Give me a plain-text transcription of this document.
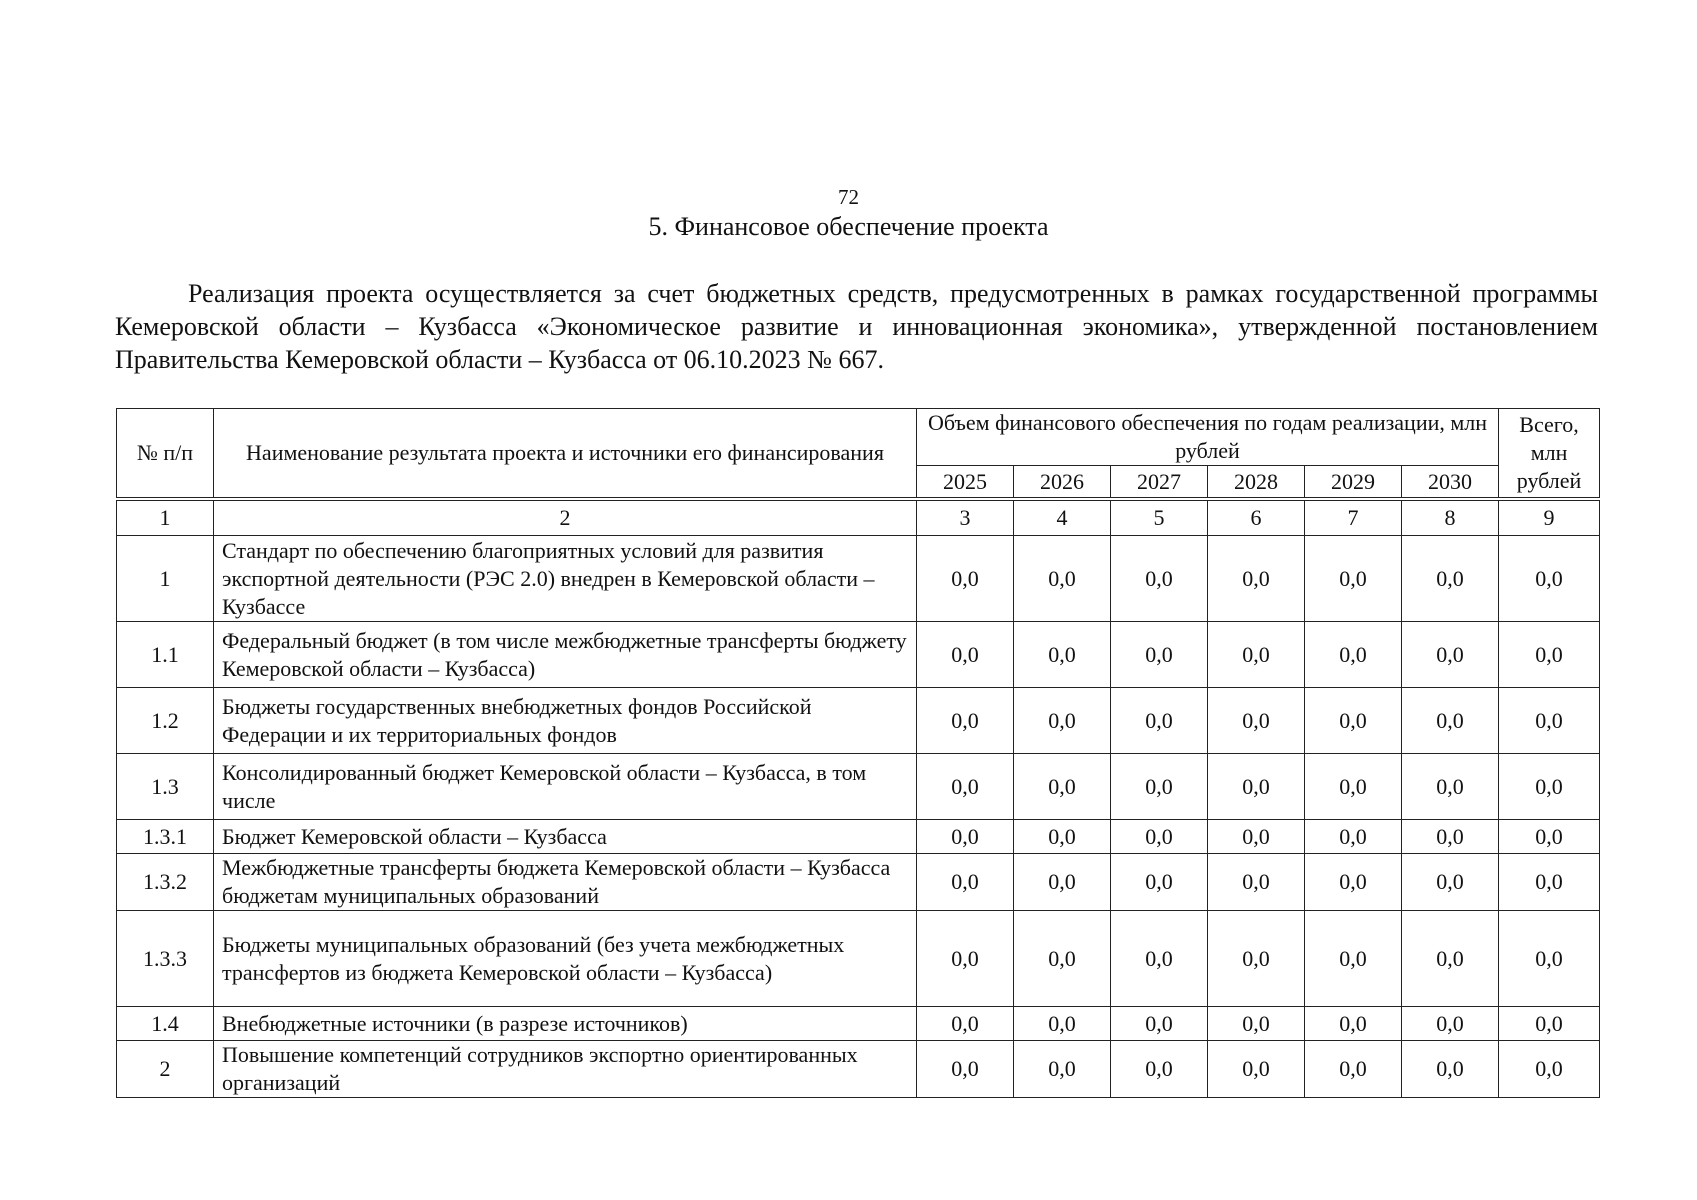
72
5. Финансовое обеспечение проекта

Реализация проекта осуществляется за счет бюджетных средств, предусмотренных в рамках государственной программы Кемеровской области – Кузбасса «Экономическое развитие и инновационная экономика», утвержденной постановлением Правительства Кемеровской области – Кузбасса от 06.10.2023 № 667.

№ п/п	Наименование результата проекта и источники его финансирования	Объем финансового обеспечения по годам реализации, млн рублей						Всего, млн рублей
		2025	2026	2027	2028	2029	2030	
1	2	3	4	5	6	7	8	9
1	Стандарт по обеспечению благоприятных условий для развития экспортной деятельности (РЭС 2.0) внедрен в Кемеровской области – Кузбассе	0,0	0,0	0,0	0,0	0,0	0,0	0,0
1.1	Федеральный бюджет (в том числе межбюджетные трансферты бюджету Кемеровской области – Кузбасса)	0,0	0,0	0,0	0,0	0,0	0,0	0,0
1.2	Бюджеты государственных внебюджетных фондов Российской Федерации и их территориальных фондов	0,0	0,0	0,0	0,0	0,0	0,0	0,0
1.3	Консолидированный бюджет Кемеровской области – Кузбасса, в том числе	0,0	0,0	0,0	0,0	0,0	0,0	0,0
1.3.1	Бюджет Кемеровской области – Кузбасса	0,0	0,0	0,0	0,0	0,0	0,0	0,0
1.3.2	Межбюджетные трансферты бюджета Кемеровской области – Кузбасса бюджетам муниципальных образований	0,0	0,0	0,0	0,0	0,0	0,0	0,0
1.3.3	Бюджеты муниципальных образований (без учета межбюджетных трансфертов из бюджета Кемеровской области – Кузбасса)	0,0	0,0	0,0	0,0	0,0	0,0	0,0
1.4	Внебюджетные источники (в разрезе источников)	0,0	0,0	0,0	0,0	0,0	0,0	0,0
2	Повышение компетенций сотрудников экспортно ориентированных организаций	0,0	0,0	0,0	0,0	0,0	0,0	0,0
